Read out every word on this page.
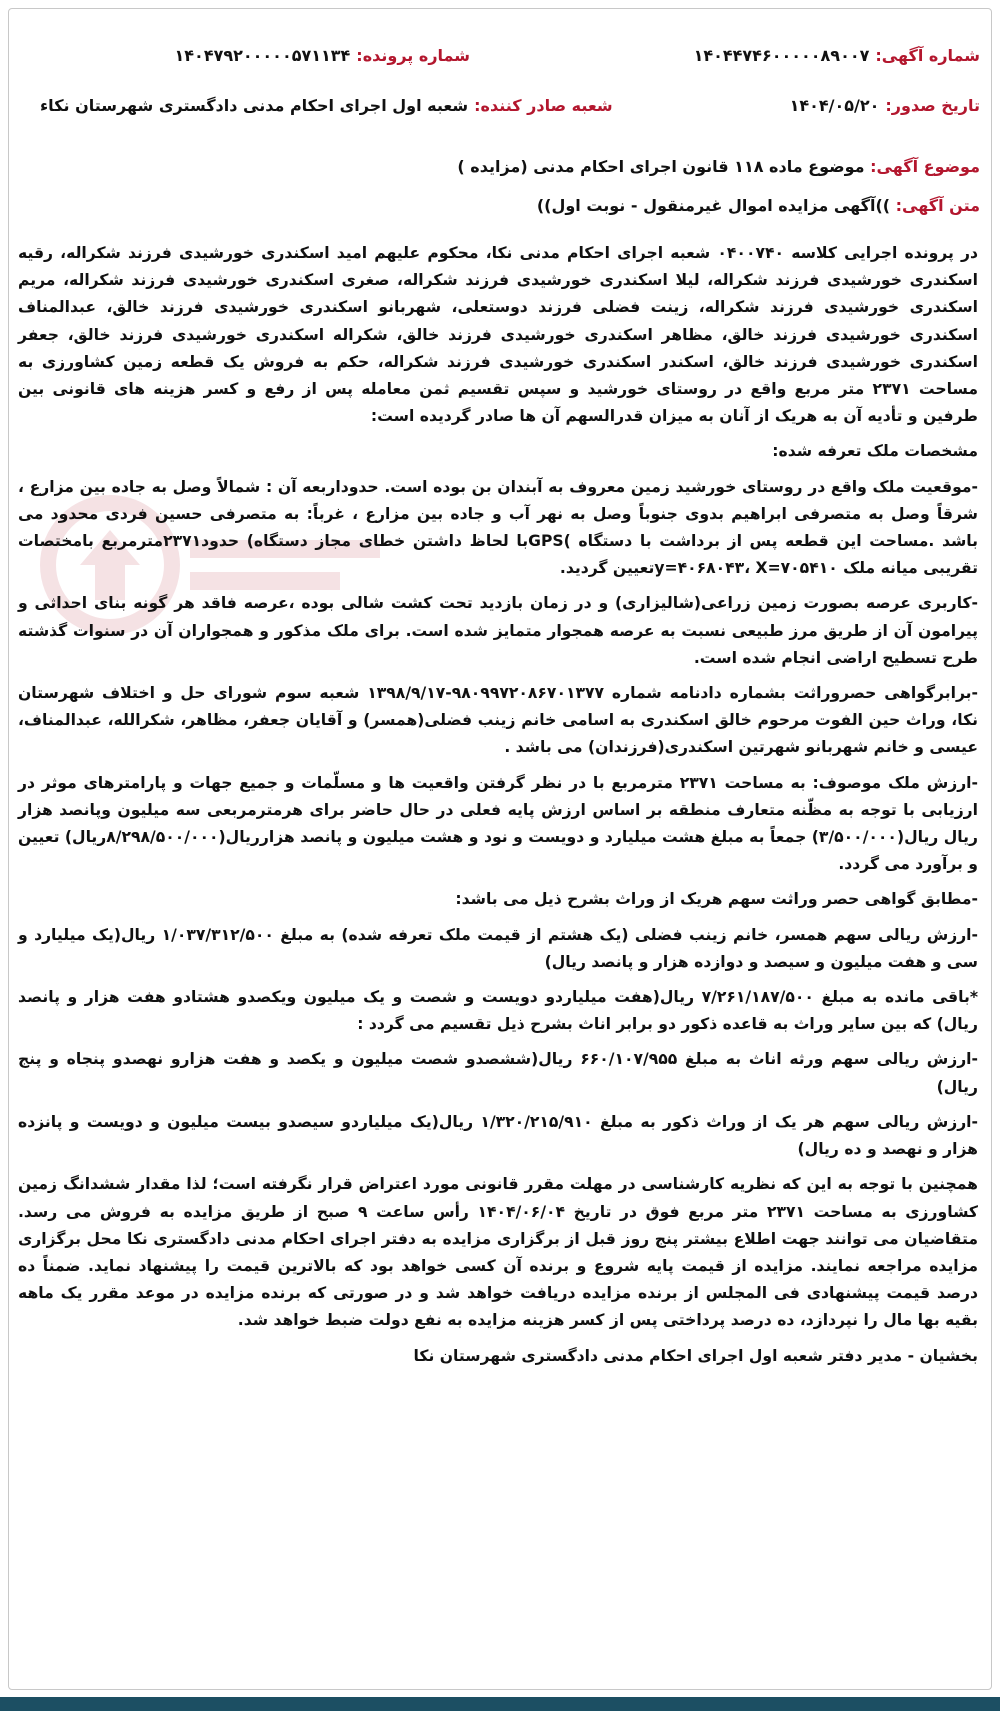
شماره آگهی:
۱۴۰۴۴۷۴۶۰۰۰۰۰۸۹۰۰۷
شماره پرونده:
۱۴۰۴۷۹۲۰۰۰۰۰۵۷۱۱۳۴
تاریخ صدور:
۱۴۰۴/۰۵/۲۰
شعبه صادر کننده:
شعبه اول اجرای احکام مدنی دادگستری شهرستان نکاء
موضوع آگهی: موضوع ماده ۱۱۸ قانون اجرای احکام مدنی (مزایده )
متن آگهی: ))آگهی مزایده اموال غیرمنقول - نوبت اول))

در پرونده اجرایی کلاسه ۰۴۰۰۷۴۰ شعبه اجرای احکام مدنی نکا، محکوم علیهم امید اسکندری خورشیدی فرزند شکراله، رقیه اسکندری خورشیدی فرزند شکراله، لیلا اسکندری خورشیدی فرزند شکراله، صغری اسکندری خورشیدی فرزند شکراله، مریم اسکندری خورشیدی فرزند شکراله، زینت فضلی فرزند دوستعلی، شهربانو اسکندری خورشیدی فرزند خالق، عبدالمناف اسکندری خورشیدی فرزند خالق، مظاهر اسکندری خورشیدی فرزند خالق، شکراله اسکندری خورشیدی فرزند خالق، جعفر اسکندری خورشیدی فرزند خالق، اسکندر اسکندری خورشیدی فرزند شکراله، حکم به فروش یک قطعه زمین کشاورزی به مساحت ۲۳۷۱ متر مربع واقع در روستای خورشید و سپس تقسیم ثمن معامله پس از رفع و کسر هزینه های قانونی بین طرفین و تأدیه آن به هریک از آنان به میزان قدرالسهم آن ها صادر گردیده است:

مشخصات ملک تعرفه شده:

-موقعیت ملک واقع در روستای خورشید زمین معروف به آبندان بن بوده است. حدوداربعه آن : شمالاً وصل به جاده بین مزارع ، شرقاً وصل به متصرفی ابراهیم بدوی جنوباً وصل به نهر آب و جاده بین مزارع ، غرباً: به متصرفی حسین فردی محدود می باشد .مساحت این قطعه پس از برداشت با دستگاه )GPSبا لحاظ داشتن خطای مجاز دستگاه) حدود۲۳۷۱مترمربع بامختصات تقریبی میانه ملک y=۴۰۶۸۰۴۳، X=۷۰۵۴۱۰تعیین گردید.

-کاربری عرصه بصورت زمین زراعی(شالیزاری) و در زمان بازدید تحت کشت شالی بوده ،عرصه فاقد هر گونه بنای احداثی و پیرامون آن از طریق مرز طبیعی نسبت به عرصه همجوار متمایز شده است. برای ملک مذکور و همجواران آن در سنوات گذشته طرح تسطیح اراضی انجام شده است.

-برابرگواهی حصروراثت بشماره دادنامه شماره ۹۸۰۹۹۷۲۰۸۶۷۰۱۳۷۷-۱۳۹۸/۹/۱۷ شعبه سوم شورای حل و اختلاف شهرستان نکا، وراث حین الفوت مرحوم خالق اسکندری به اسامی خانم زینب فضلی(همسر) و آقایان جعفر، مظاهر، شکرالله، عبدالمناف، عیسی و خانم شهربانو شهرتین اسکندری(فرزندان) می باشد .

-ارزش ملک موصوف: به مساحت ۲۳۷۱ مترمربع با در نظر گرفتن واقعیت ها و مسلّمات و جمیع جهات و پارامترهای موثر در ارزیابی با توجه به مظّنه متعارف منطقه بر اساس ارزش پایه فعلی در حال حاضر برای هرمترمربعی سه میلیون وپانصد هزار ریال ریال(۳/۵۰۰/۰۰۰) جمعاً به مبلغ هشت میلیارد و دویست و نود و هشت میلیون و پانصد هزارریال(۸/۲۹۸/۵۰۰/۰۰۰ریال) تعیین و برآورد می گردد.

-مطابق گواهی حصر وراثت سهم هریک از وراث بشرح ذیل می باشد:

-ارزش ریالی سهم همسر، خانم زینب فضلی (یک هشتم از قیمت ملک تعرفه شده) به مبلغ ۱/۰۳۷/۳۱۲/۵۰۰ ریال(یک میلیارد و سی و هفت میلیون و سیصد و دوازده هزار و پانصد ریال)

*باقی مانده به مبلغ ۷/۲۶۱/۱۸۷/۵۰۰ ریال(هفت میلیاردو دویست و شصت و یک میلیون ویکصدو هشتادو هفت هزار و پانصد ریال) که بین سایر وراث به قاعده ذکور دو برابر اناث بشرح ذیل تقسیم می گردد :

-ارزش ریالی سهم ورثه اناث به مبلغ ۶۶۰/۱۰۷/۹۵۵ ریال(ششصدو شصت میلیون و یکصد و هفت هزارو نهصدو پنجاه و پنج ریال)

-ارزش ریالی سهم هر یک از وراث ذکور به مبلغ ۱/۳۲۰/۲۱۵/۹۱۰ ریال(یک میلیاردو سیصدو بیست میلیون و دویست و پانزده هزار و نهصد و ده ریال)

همچنین با توجه به این که نظریه کارشناسی در مهلت مقرر قانونی مورد اعتراض قرار نگرفته است؛ لذا مقدار ششدانگ زمین کشاورزی به مساحت ۲۳۷۱ متر مربع فوق در تاریخ ۱۴۰۴/۰۶/۰۴ رأس ساعت ۹ صبح از طریق مزایده به فروش می رسد. متقاضیان می توانند جهت اطلاع بیشتر پنج روز قبل از برگزاری مزایده به دفتر اجرای احکام مدنی دادگستری نکا محل برگزاری مزایده مراجعه نمایند. مزایده از قیمت پایه شروع و برنده آن کسی خواهد بود که بالاترین قیمت را پیشنهاد نماید. ضمناً ده درصد قیمت پیشنهادی فی المجلس از برنده مزایده دریافت خواهد شد و در صورتی که برنده مزایده در موعد مقرر یک ماهه بقیه بها مال را نپردازد، ده درصد پرداختی پس از کسر هزینه مزایده به نفع دولت ضبط خواهد شد.

بخشیان - مدیر دفتر شعبه اول اجرای احکام مدنی دادگستری شهرستان نکا
